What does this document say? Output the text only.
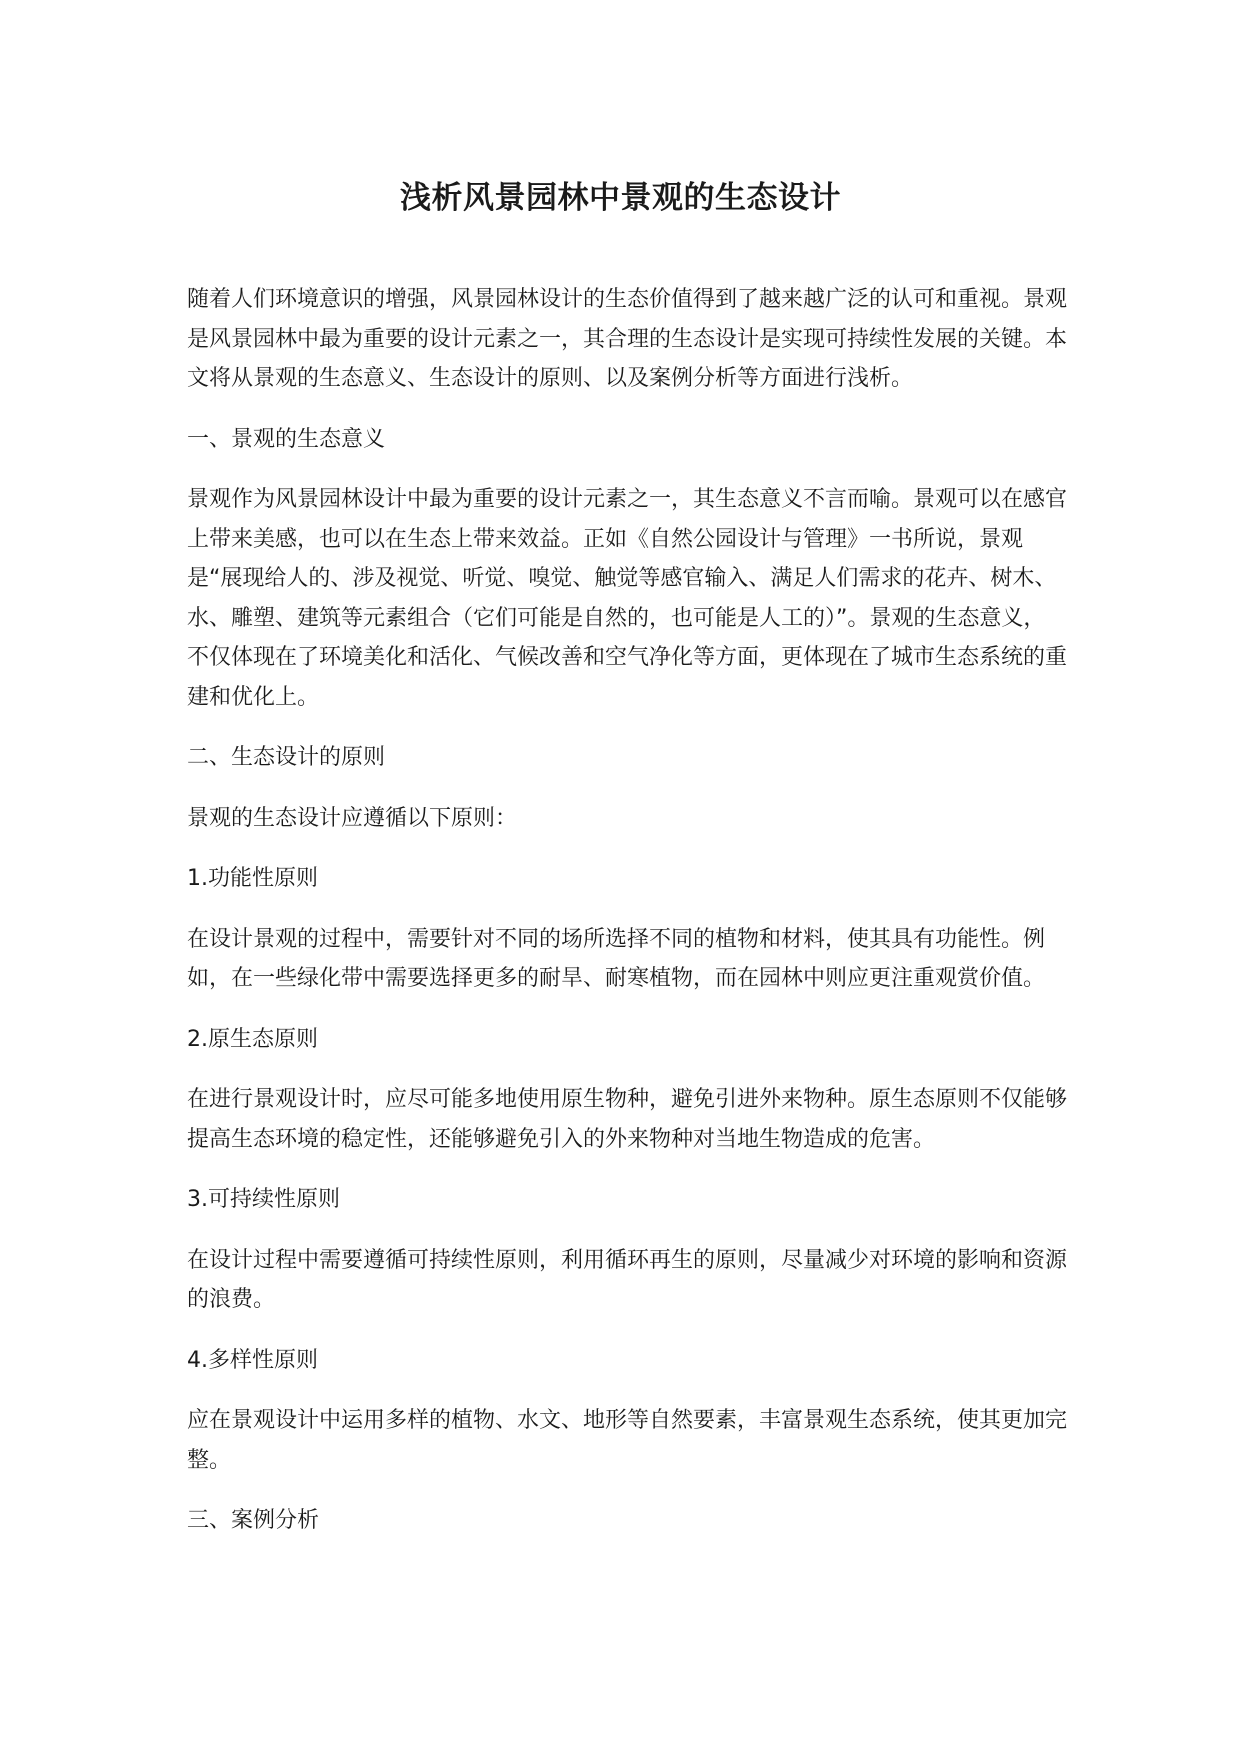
浅析风景园林中景观的生态设计

随着人们环境意识的增强，风景园林设计的生态价值得到了越来越广泛的认可和重视。景观是风景园林中最为重要的设计元素之一，其合理的生态设计是实现可持续性发展的关键。本文将从景观的生态意义、生态设计的原则、以及案例分析等方面进行浅析。

一、景观的生态意义

景观作为风景园林设计中最为重要的设计元素之一，其生态意义不言而喻。景观可以在感官上带来美感，也可以在生态上带来效益。正如《自然公园设计与管理》一书所说，景观是“展现给人的、涉及视觉、听觉、嗅觉、触觉等感官输入、满足人们需求的花卉、树木、水、雕塑、建筑等元素组合（它们可能是自然的，也可能是人工的）”。景观的生态意义，不仅体现在了环境美化和活化、气候改善和空气净化等方面，更体现在了城市生态系统的重建和优化上。

二、生态设计的原则

景观的生态设计应遵循以下原则：

1.功能性原则

在设计景观的过程中，需要针对不同的场所选择不同的植物和材料，使其具有功能性。例如，在一些绿化带中需要选择更多的耐旱、耐寒植物，而在园林中则应更注重观赏价值。

2.原生态原则

在进行景观设计时，应尽可能多地使用原生物种，避免引进外来物种。原生态原则不仅能够提高生态环境的稳定性，还能够避免引入的外来物种对当地生物造成的危害。

3.可持续性原则

在设计过程中需要遵循可持续性原则，利用循环再生的原则，尽量减少对环境的影响和资源的浪费。

4.多样性原则

应在景观设计中运用多样的植物、水文、地形等自然要素，丰富景观生态系统，使其更加完整。

三、案例分析
